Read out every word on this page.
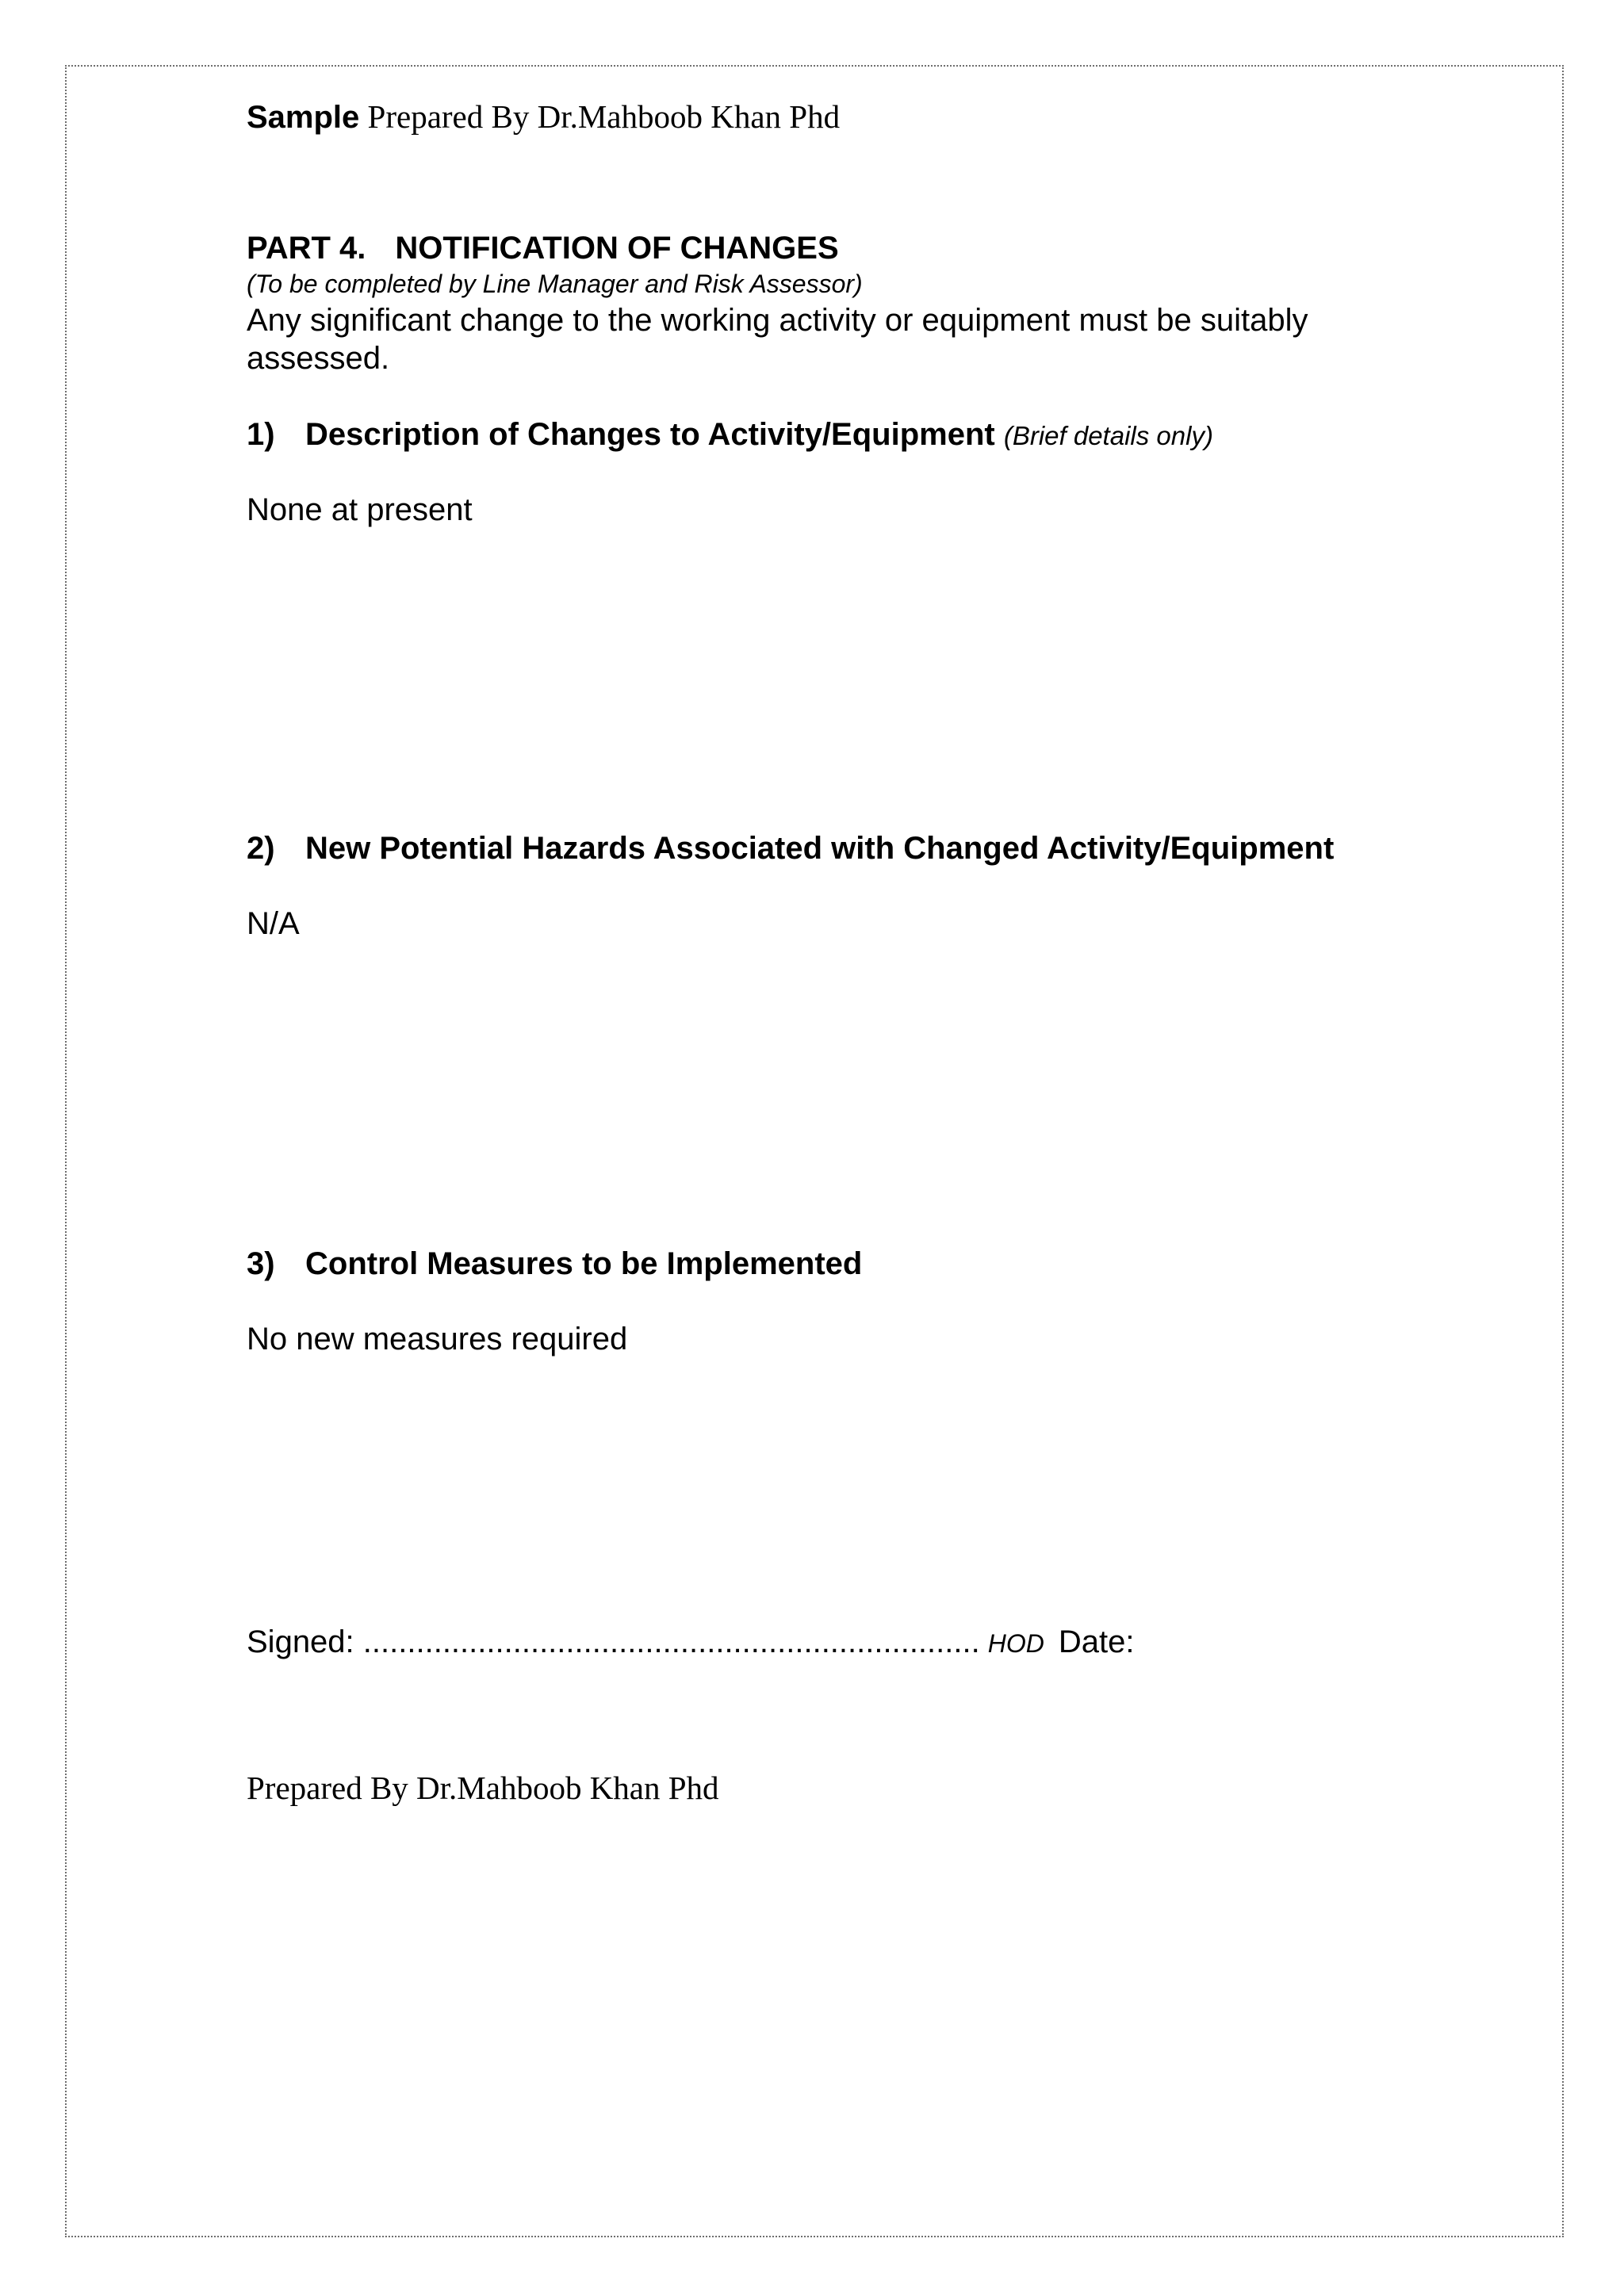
Sample Prepared By Dr.Mahboob Khan Phd
PART 4. NOTIFICATION OF CHANGES
(To be completed by Line Manager and Risk Assessor)
Any significant change to the working activity or equipment must be suitably assessed.
1) Description of Changes to Activity/Equipment (Brief details only)
None at present
2) New Potential Hazards Associated with Changed Activity/Equipment
N/A
3) Control Measures to be Implemented
No new measures required
Signed: ...................................................................... HOD Date:
Prepared By Dr.Mahboob Khan Phd
